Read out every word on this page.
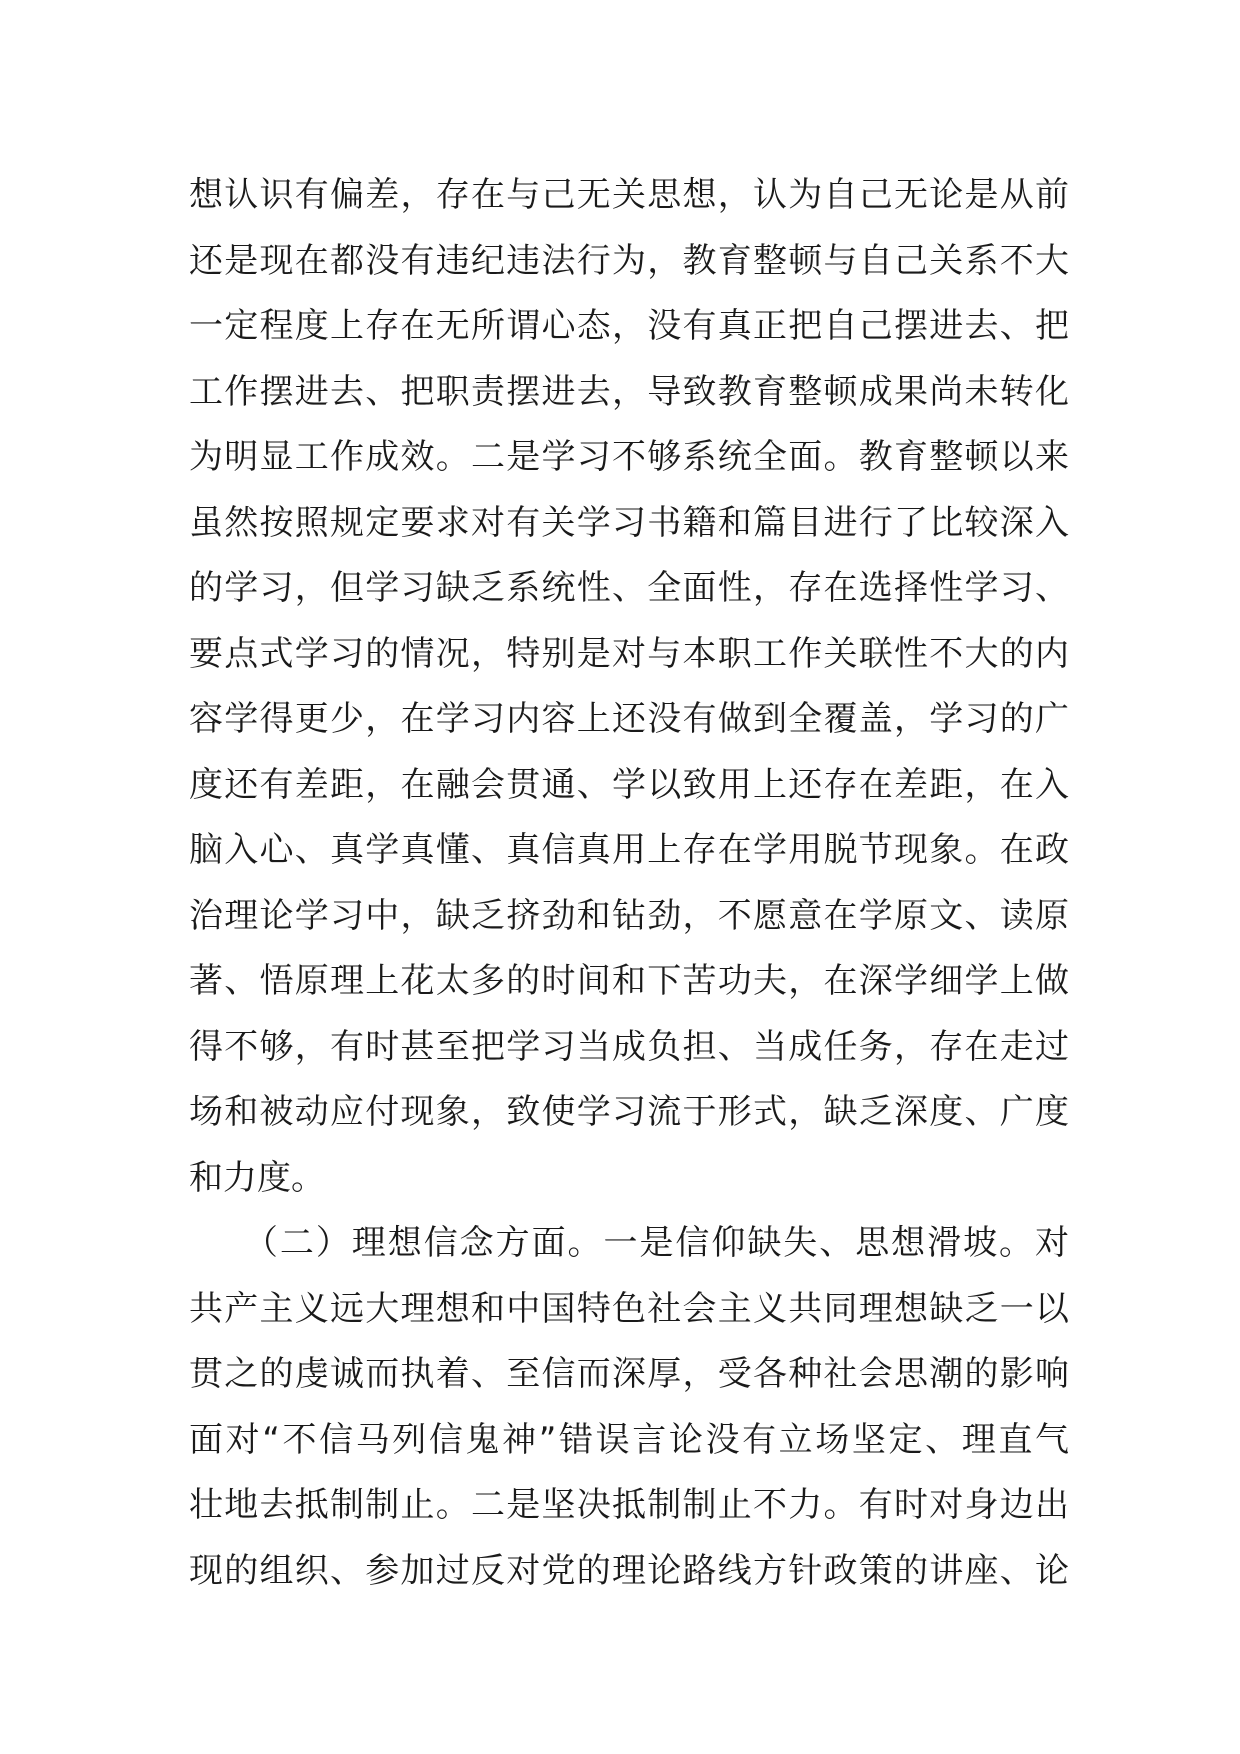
想认识有偏差，存在与己无关思想，认为自己无论是从前
还是现在都没有违纪违法行为，教育整顿与自己关系不大
一定程度上存在无所谓心态，没有真正把自己摆进去、把
工作摆进去、把职责摆进去，导致教育整顿成果尚未转化
为明显工作成效。二是学习不够系统全面。教育整顿以来
虽然按照规定要求对有关学习书籍和篇目进行了比较深入
的学习，但学习缺乏系统性、全面性，存在选择性学习、
要点式学习的情况，特别是对与本职工作关联性不大的内
容学得更少，在学习内容上还没有做到全覆盖，学习的广
度还有差距，在融会贯通、学以致用上还存在差距，在入
脑入心、真学真懂、真信真用上存在学用脱节现象。在政
治理论学习中，缺乏挤劲和钻劲，不愿意在学原文、读原
著、悟原理上花太多的时间和下苦功夫，在深学细学上做
得不够，有时甚至把学习当成负担、当成任务，存在走过
场和被动应付现象，致使学习流于形式，缺乏深度、广度
和力度。
　　（二）理想信念方面。一是信仰缺失、思想滑坡。对
共产主义远大理想和中国特色社会主义共同理想缺乏一以
贯之的虔诚而执着、至信而深厚，受各种社会思潮的影响
面对“不信马列信鬼神”错误言论没有立场坚定、理直气
壮地去抵制制止。二是坚决抵制制止不力。有时对身边出
现的组织、参加过反对党的理论路线方针政策的讲座、论
